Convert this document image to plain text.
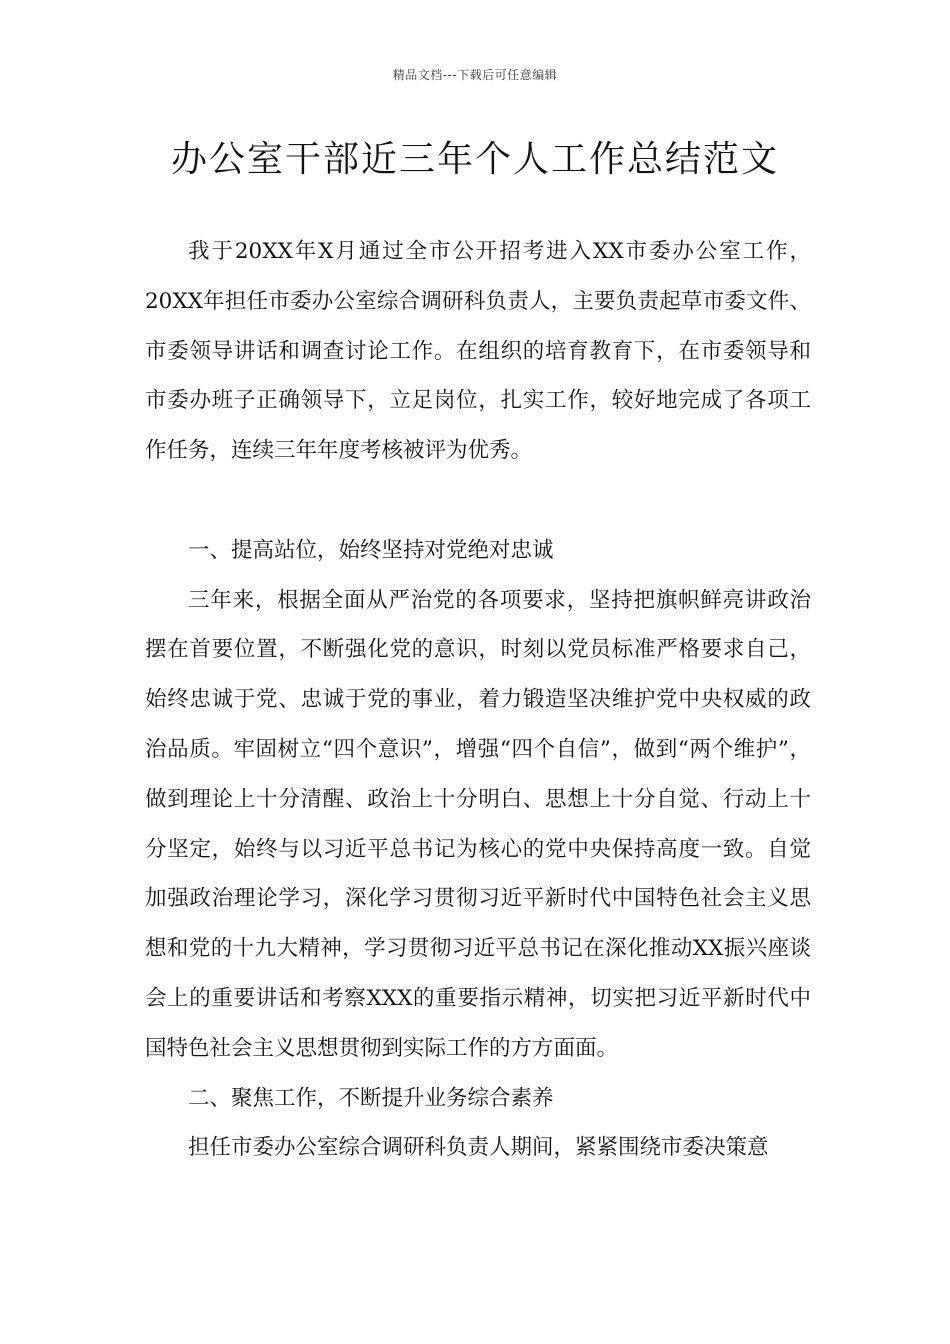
精品文档---下载后可任意编辑
办公室干部近三年个人工作总结范文

我于20XX年X月通过全市公开招考进入XX市委办公室工作，20XX年担任市委办公室综合调研科负责人，主要负责起草市委文件、市委领导讲话和调查讨论工作。在组织的培育教育下，在市委领导和市委办班子正确领导下，立足岗位，扎实工作，较好地完成了各项工作任务，连续三年年度考核被评为优秀。

一、提高站位，始终坚持对党绝对忠诚

三年来，根据全面从严治党的各项要求，坚持把旗帜鲜亮讲政治摆在首要位置，不断强化党的意识，时刻以党员标准严格要求自己，始终忠诚于党、忠诚于党的事业，着力锻造坚决维护党中央权威的政治品质。牢固树立“四个意识”，增强“四个自信”，做到“两个维护”，做到理论上十分清醒、政治上十分明白、思想上十分自觉、行动上十分坚定，始终与以习近平总书记为核心的党中央保持高度一致。自觉加强政治理论学习，深化学习贯彻习近平新时代中国特色社会主义思想和党的十九大精神，学习贯彻习近平总书记在深化推动XX振兴座谈会上的重要讲话和考察XXX的重要指示精神，切实把习近平新时代中国特色社会主义思想贯彻到实际工作的方方面面。

二、聚焦工作，不断提升业务综合素养

担任市委办公室综合调研科负责人期间，紧紧围绕市委决策意
